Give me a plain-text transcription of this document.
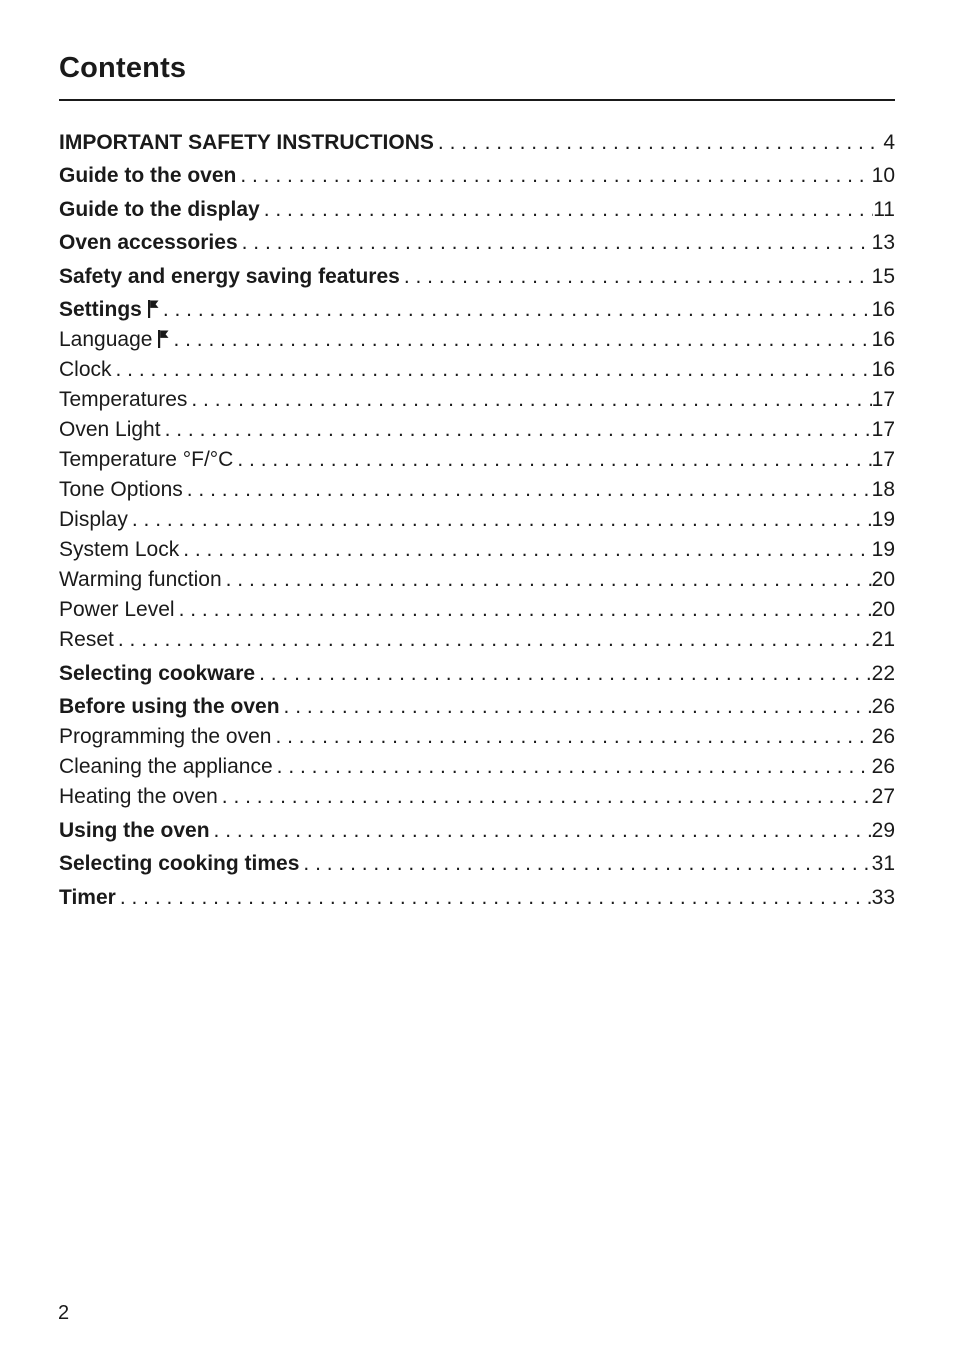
Contents
IMPORTANT SAFETY INSTRUCTIONS . . .	4
Guide to the oven . . .	10
Guide to the display . . .	11
Oven accessories . . .	13
Safety and energy saving features . . .	15
Settings . . .	16
Language . . .	16
Clock . . .	16
Temperatures . . .	17
Oven Light . . .	17
Temperature °F/°C . . .	17
Tone Options . . .	18
Display . . .	19
System Lock . . .	19
Warming function . . .	20
Power Level . . .	20
Reset . . .	21
Selecting cookware . . .	22
Before using the oven . . .	26
Programming the oven . . .	26
Cleaning the appliance . . .	26
Heating the oven . . .	27
Using the oven . . .	29
Selecting cooking times . . .	31
Timer . . .	33
2
